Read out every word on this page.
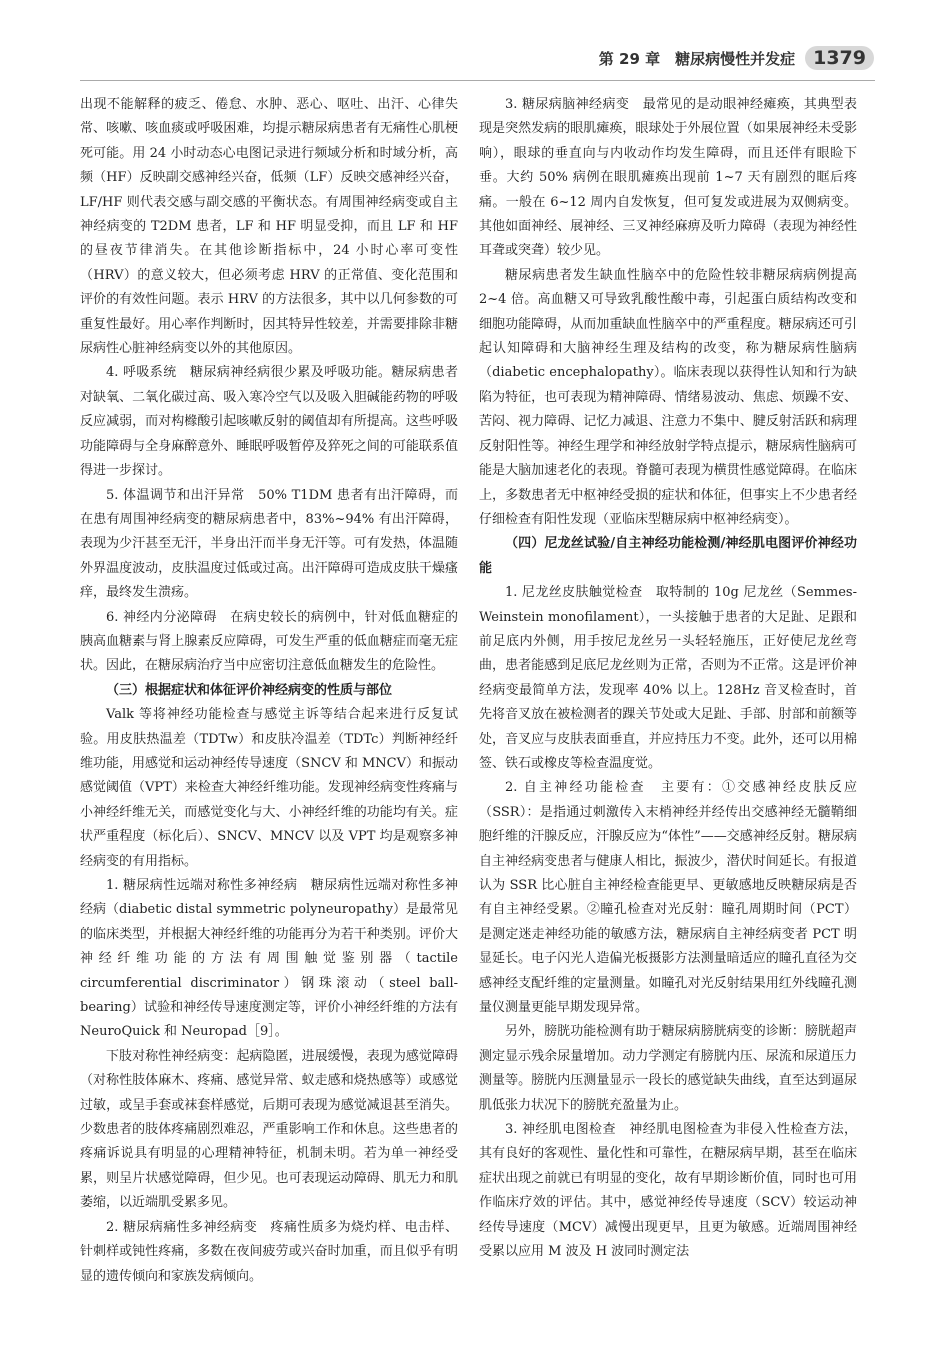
第 29 章　糖尿病慢性并发症 1379

出现不能解释的疲乏、倦怠、水肿、恶心、呕吐、出汗、心律失常、咳嗽、咳血痰或呼吸困难，均提示糖尿病患者有无痛性心肌梗死可能。用 24 小时动态心电图记录进行频域分析和时域分析，高频（HF）反映副交感神经兴奋，低频（LF）反映交感神经兴奋，LF/HF 则代表交感与副交感的平衡状态。有周围神经病变或自主神经病变的 T2DM 患者，LF 和 HF 明显受抑，而且 LF 和 HF 的昼夜节律消失。在其他诊断指标中，24 小时心率可变性（HRV）的意义较大，但必须考虑 HRV 的正常值、变化范围和评价的有效性问题。表示 HRV 的方法很多，其中以几何参数的可重复性最好。用心率作判断时，因其特异性较差，并需要排除非糖尿病性心脏神经病变以外的其他原因。

4. 呼吸系统　糖尿病神经病很少累及呼吸功能。糖尿病患者对缺氧、二氧化碳过高、吸入寒冷空气以及吸入胆碱能药物的呼吸反应减弱，而对构橼酸引起咳嗽反射的阈值却有所提高。这些呼吸功能障碍与全身麻醉意外、睡眠呼吸暂停及猝死之间的可能联系值得进一步探讨。

5. 体温调节和出汗异常　50% T1DM 患者有出汗障碍，而在患有周围神经病变的糖尿病患者中，83%~94% 有出汗障碍，表现为少汗甚至无汗，半身出汗而半身无汗等。可有发热，体温随外界温度波动，皮肤温度过低或过高。出汗障碍可造成皮肤干燥瘙痒，最终发生溃疡。

6. 神经内分泌障碍　在病史较长的病例中，针对低血糖症的胰高血糖素与肾上腺素反应障碍，可发生严重的低血糖症而毫无症状。因此，在糖尿病治疗当中应密切注意低血糖发生的危险性。

（三）根据症状和体征评价神经病变的性质与部位

Valk 等将神经功能检查与感觉主诉等结合起来进行反复试验。用皮肤热温差（TDTw）和皮肤冷温差（TDTc）判断神经纤维功能，用感觉和运动神经传导速度（SNCV 和 MNCV）和振动感觉阈值（VPT）来检查大神经纤维功能。发现神经病变性疼痛与小神经纤维无关，而感觉变化与大、小神经纤维的功能均有关。症状严重程度（标化后）、SNCV、MNCV 以及 VPT 均是观察多神经病变的有用指标。

1. 糖尿病性远端对称性多神经病　糖尿病性远端对称性多神经病（diabetic distal symmetric polyneuropathy）是最常见的临床类型，并根据大神经纤维的功能再分为若干种类别。评价大神经纤维功能的方法有周围触觉鉴别器（tactile circumferential discriminator）钢珠滚动（steel ball-bearing）试验和神经传导速度测定等，评价小神经纤维的方法有 NeuroQuick 和 Neuropad［9］。

下肢对称性神经病变：起病隐匿，进展缓慢，表现为感觉障碍（对称性肢体麻木、疼痛、感觉异常、蚁走感和烧热感等）或感觉过敏，或呈手套或袜套样感觉，后期可表现为感觉减退甚至消失。少数患者的肢体疼痛剧烈难忍，严重影响工作和休息。这些患者的疼痛诉说具有明显的心理精神特征，机制未明。若为单一神经受累，则呈片状感觉障碍，但少见。也可表现运动障碍、肌无力和肌萎缩，以近端肌受累多见。

2. 糖尿病痛性多神经病变　疼痛性质多为烧灼样、电击样、针刺样或钝性疼痛，多数在夜间疲劳或兴奋时加重，而且似乎有明显的遗传倾向和家族发病倾向。

3. 糖尿病脑神经病变　最常见的是动眼神经瘫痪，其典型表现是突然发病的眼肌瘫痪，眼球处于外展位置（如果展神经未受影响），眼球的垂直向与内收动作均发生障碍，而且还伴有眼睑下垂。大约 50% 病例在眼肌瘫痪出现前 1~7 天有剧烈的眶后疼痛。一般在 6~12 周内自发恢复，但可复发或进展为双侧病变。其他如面神经、展神经、三叉神经麻痹及听力障碍（表现为神经性耳聋或突聋）较少见。

糖尿病患者发生缺血性脑卒中的危险性较非糖尿病病例提高 2~4 倍。高血糖又可导致乳酸性酸中毒，引起蛋白质结构改变和细胞功能障碍，从而加重缺血性脑卒中的严重程度。糖尿病还可引起认知障碍和大脑神经生理及结构的改变，称为糖尿病性脑病（diabetic encephalopathy）。临床表现以获得性认知和行为缺陷为特征，也可表现为精神障碍、情绪易波动、焦虑、烦躁不安、苦闷、视力障碍、记忆力减退、注意力不集中、腱反射活跃和病理反射阳性等。神经生理学和神经放射学特点提示，糖尿病性脑病可能是大脑加速老化的表现。脊髓可表现为横贯性感觉障碍。在临床上，多数患者无中枢神经受损的症状和体征，但事实上不少患者经仔细检查有阳性发现（亚临床型糖尿病中枢神经病变）。

（四）尼龙丝试验/自主神经功能检测/神经肌电图评价神经功能

1. 尼龙丝皮肤触觉检查　取特制的 10g 尼龙丝（Semmes-Weinstein monofilament），一头接触于患者的大足趾、足跟和前足底内外侧，用手按尼龙丝另一头轻轻施压，正好使尼龙丝弯曲，患者能感到足底尼龙丝则为正常，否则为不正常。这是评价神经病变最简单方法，发现率 40% 以上。128Hz 音叉检查时，首先将音叉放在被检测者的踝关节处或大足趾、手部、肘部和前额等处，音叉应与皮肤表面垂直，并应持压力不变。此外，还可以用棉签、铁石或橡皮等检查温度觉。

2. 自主神经功能检查　主要有：①交感神经皮肤反应（SSR）：是指通过刺激传入末梢神经并经传出交感神经无髓鞘细胞纤维的汗腺反应，汗腺反应为“体性”——交感神经反射。糖尿病自主神经病变患者与健康人相比，振波少，潜伏时间延长。有报道认为 SSR 比心脏自主神经检查能更早、更敏感地反映糖尿病是否有自主神经受累。②瞳孔检查对光反射：瞳孔周期时间（PCT）是测定迷走神经功能的敏感方法，糖尿病自主神经病变者 PCT 明显延长。电子闪光人造偏光板摄影方法测量暗适应的瞳孔直径为交感神经支配纤维的定量测量。如瞳孔对光反射结果用红外线瞳孔测量仪测量更能早期发现异常。

另外，膀胱功能检测有助于糖尿病膀胱病变的诊断：膀胱超声测定显示残余尿量增加。动力学测定有膀胱内压、尿流和尿道压力测量等。膀胱内压测量显示一段长的感觉缺失曲线，直至达到逼尿肌低张力状况下的膀胱充盈量为止。

3. 神经肌电图检查　神经肌电图检查为非侵入性检查方法，其有良好的客观性、量化性和可靠性，在糖尿病早期，甚至在临床症状出现之前就已有明显的变化，故有早期诊断价值，同时也可用作临床疗效的评估。其中，感觉神经传导速度（SCV）较运动神经传导速度（MCV）减慢出现更早，且更为敏感。近端周围神经受累以应用 M 波及 H 波同时测定法
